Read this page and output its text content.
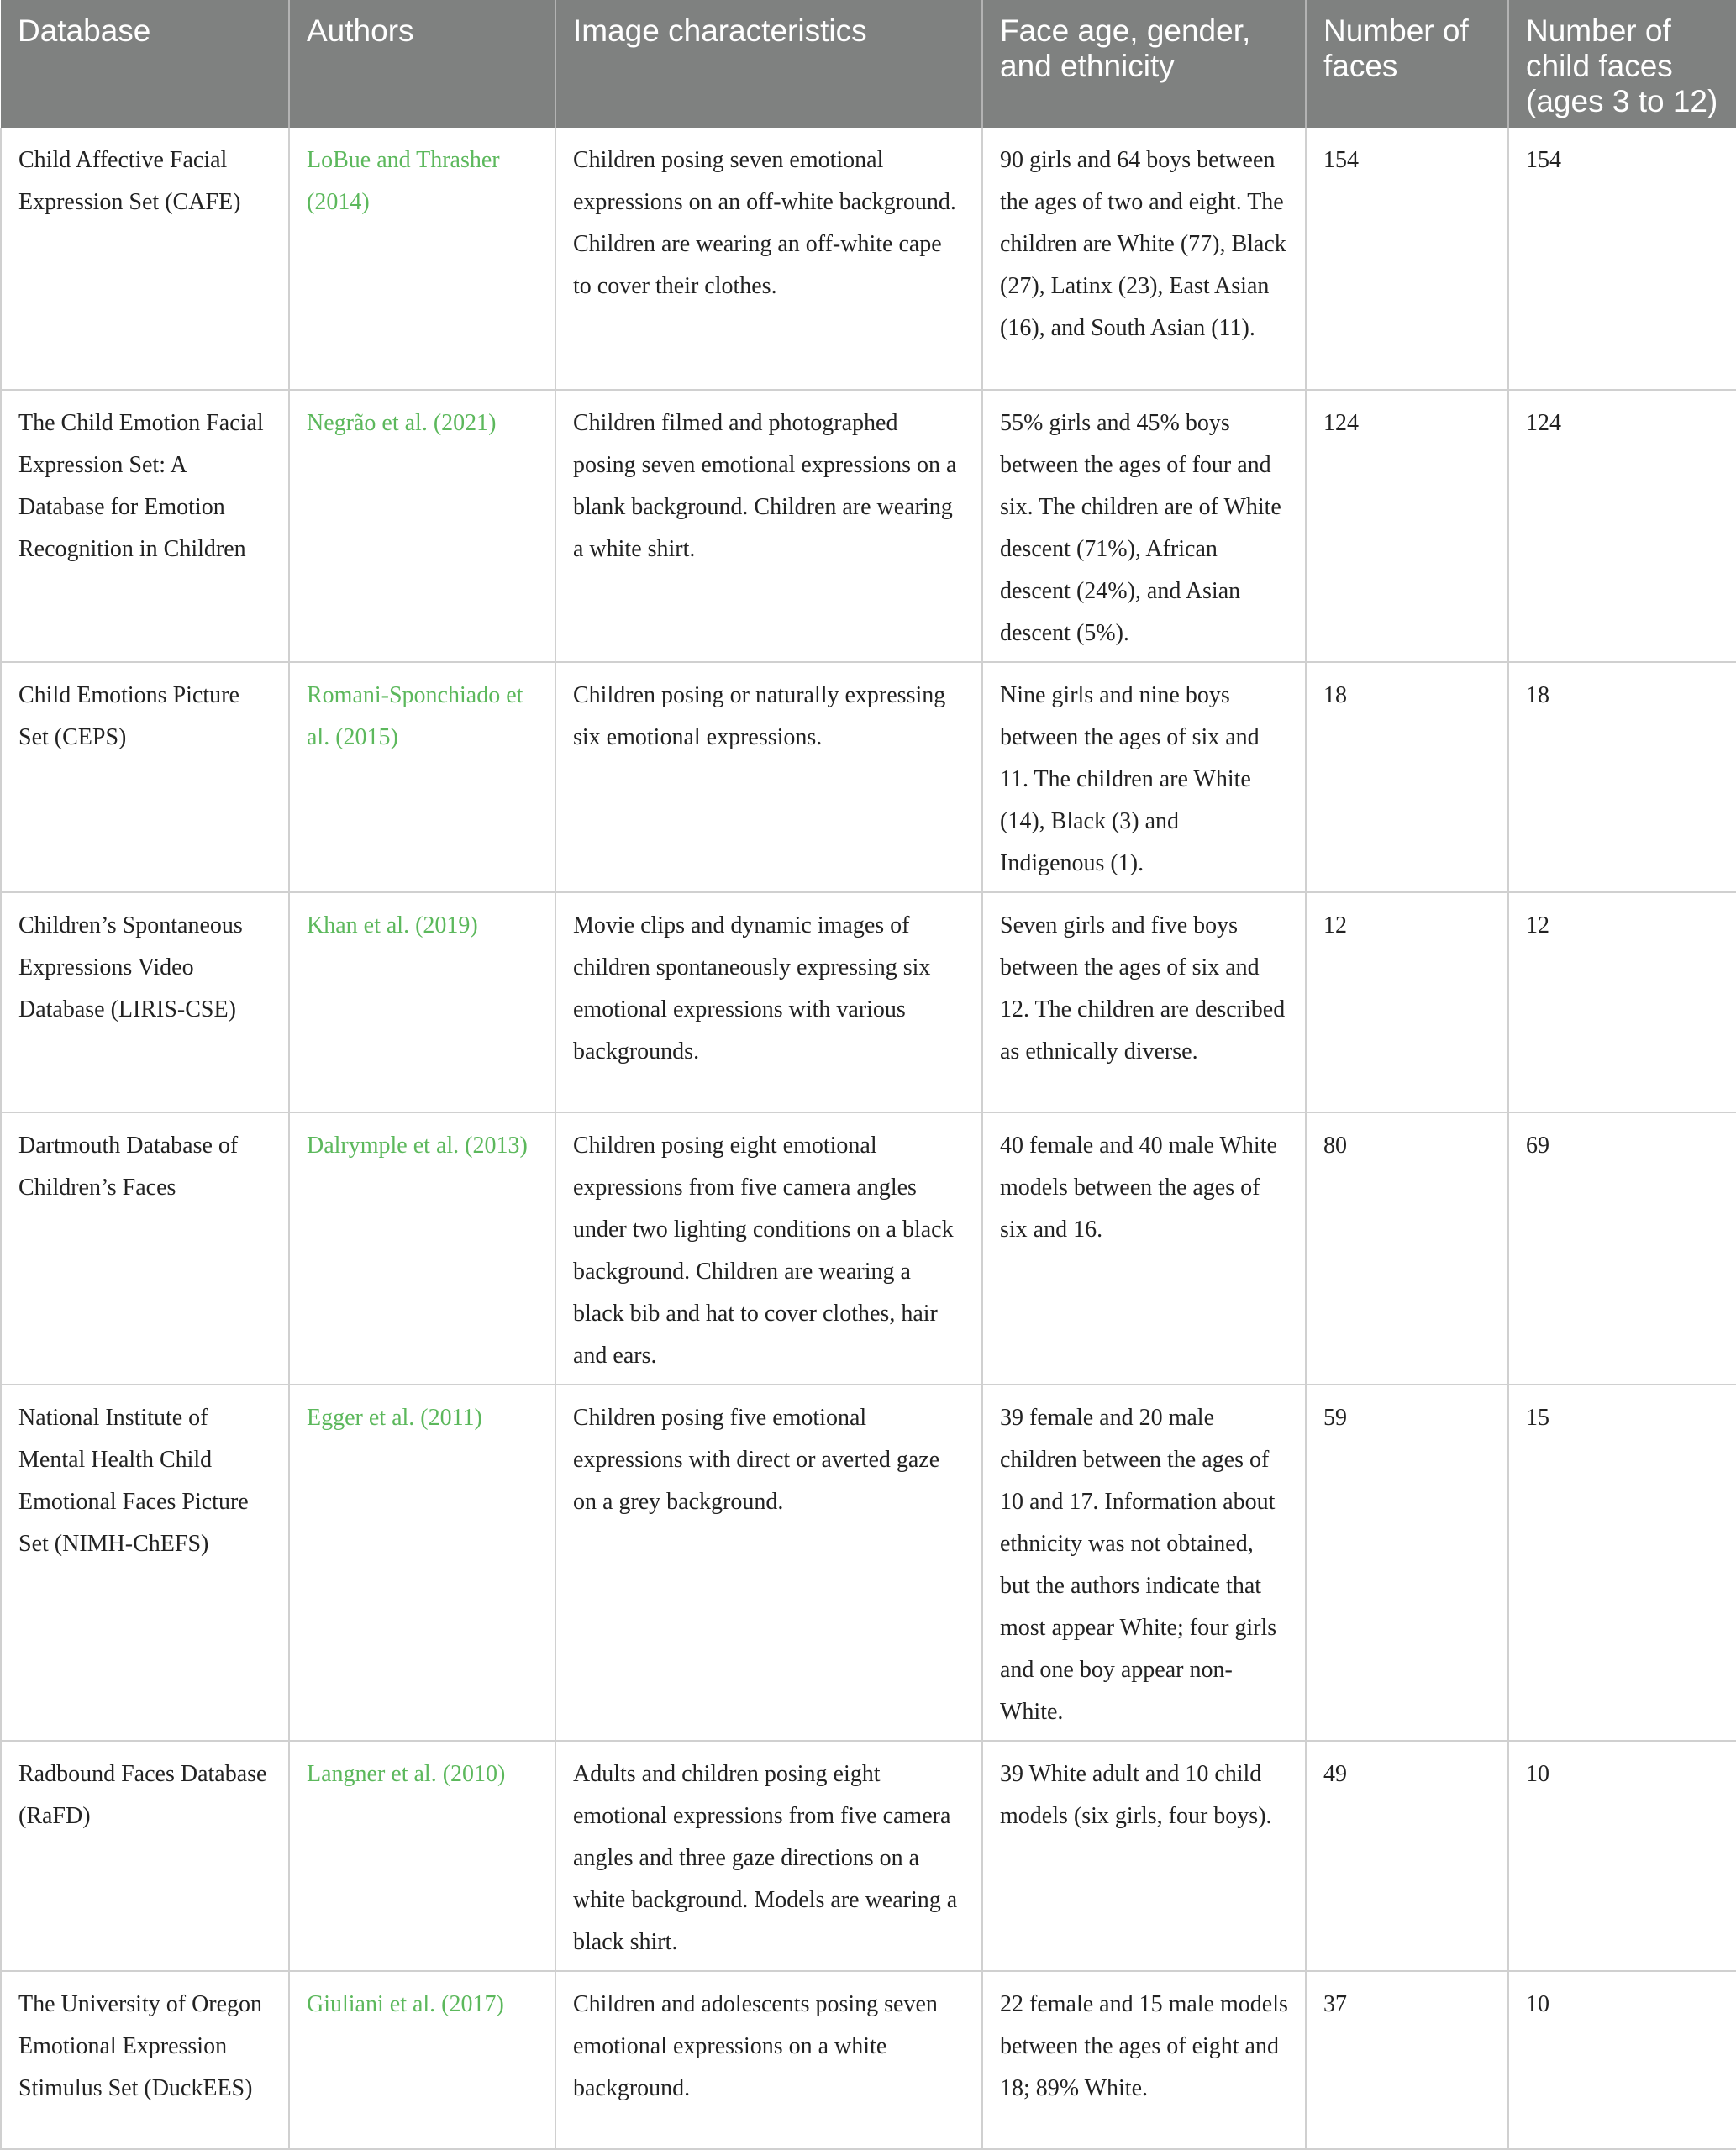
Database	Authors	Image characteristics	Face age, gender, and ethnicity	Number of faces	Number of child faces (ages 3 to 12)
Child Affective Facial Expression Set (CAFE)	LoBue and Thrasher (2014)	Children posing seven emotional expressions on an off-white background. Children are wearing an off-white cape to cover their clothes.	90 girls and 64 boys between the ages of two and eight. The children are White (77), Black (27), Latinx (23), East Asian (16), and South Asian (11).	154	154
The Child Emotion Facial Expression Set: A Database for Emotion Recognition in Children	Negrão et al. (2021)	Children filmed and photographed posing seven emotional expressions on a blank background. Children are wearing a white shirt.	55% girls and 45% boys between the ages of four and six. The children are of White descent (71%), African descent (24%), and Asian descent (5%).	124	124
Child Emotions Picture Set (CEPS)	Romani-Sponchiado et al. (2015)	Children posing or naturally expressing six emotional expressions.	Nine girls and nine boys between the ages of six and 11. The children are White (14), Black (3) and Indigenous (1).	18	18
Children’s Spontaneous Expressions Video Database (LIRIS-CSE)	Khan et al. (2019)	Movie clips and dynamic images of children spontaneously expressing six emotional expressions with various backgrounds.	Seven girls and five boys between the ages of six and 12. The children are described as ethnically diverse.	12	12
Dartmouth Database of Children’s Faces	Dalrymple et al. (2013)	Children posing eight emotional expressions from five camera angles under two lighting conditions on a black background. Children are wearing a black bib and hat to cover clothes, hair and ears.	40 female and 40 male White models between the ages of six and 16.	80	69
National Institute of Mental Health Child Emotional Faces Picture Set (NIMH-ChEFS)	Egger et al. (2011)	Children posing five emotional expressions with direct or averted gaze on a grey background.	39 female and 20 male children between the ages of 10 and 17. Information about ethnicity was not obtained, but the authors indicate that most appear White; four girls and one boy appear non-White.	59	15
Radbound Faces Database (RaFD)	Langner et al. (2010)	Adults and children posing eight emotional expressions from five camera angles and three gaze directions on a white background. Models are wearing a black shirt.	39 White adult and 10 child models (six girls, four boys).	49	10
The University of Oregon Emotional Expression Stimulus Set (DuckEES)	Giuliani et al. (2017)	Children and adolescents posing seven emotional expressions on a white background.	22 female and 15 male models between the ages of eight and 18; 89% White.	37	10
